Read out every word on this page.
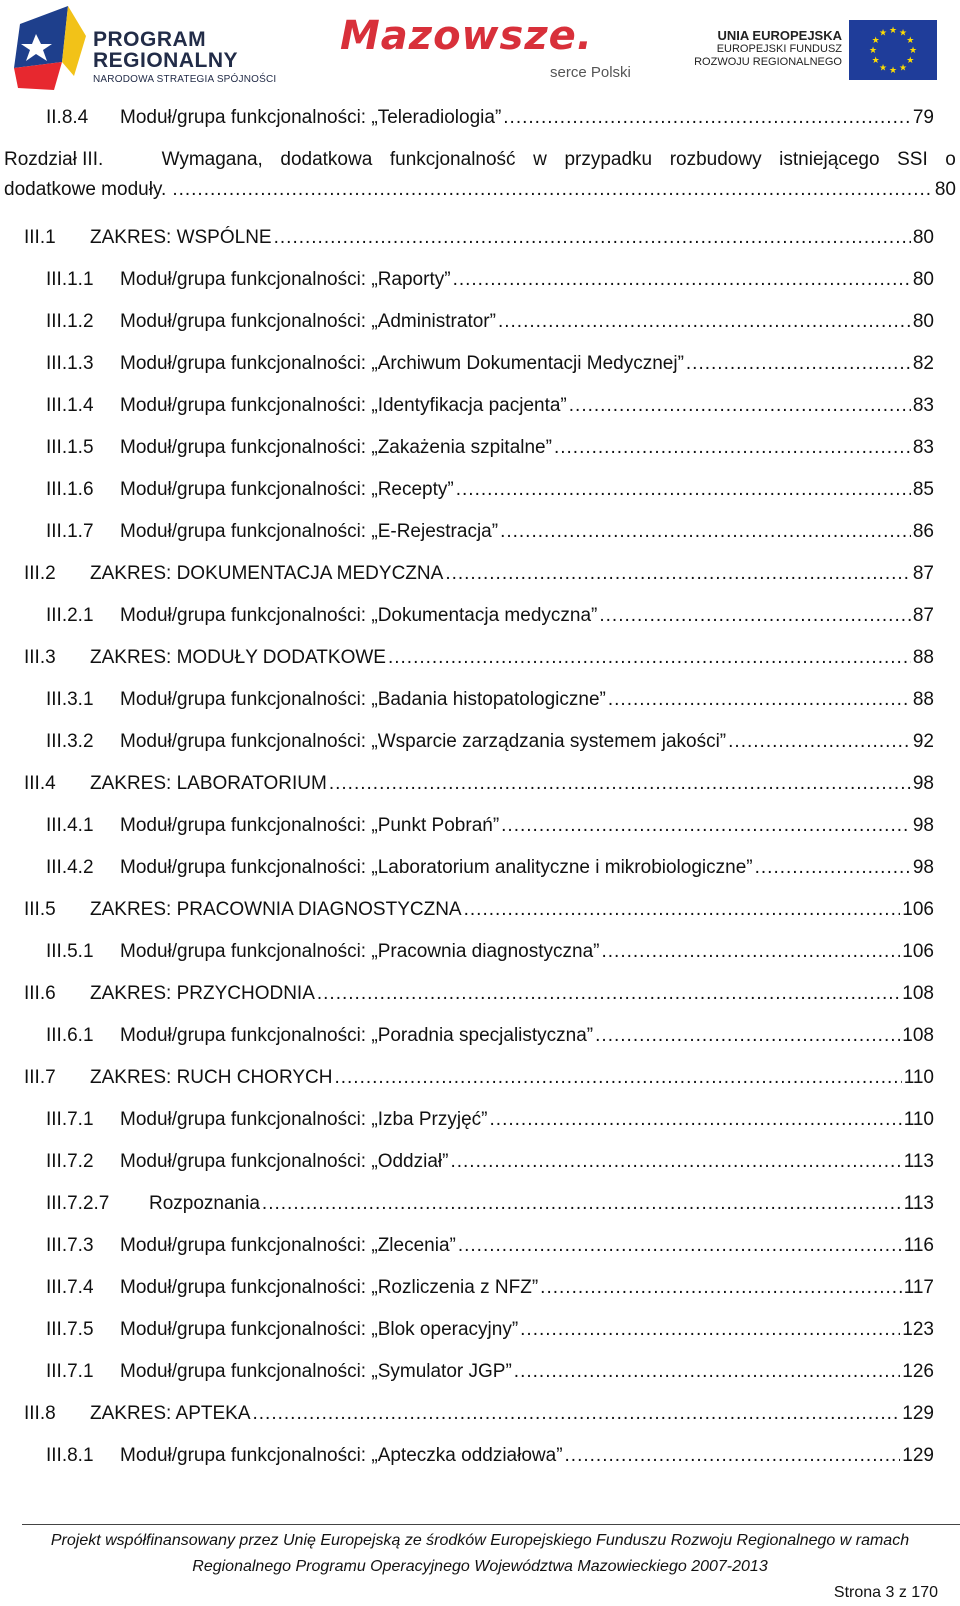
PROGRAM
REGIONALNY
NARODOWA STRATEGIA SPÓJNOŚCI
Mazowsze.
serce Polski
UNIA EUROPEJSKA
EUROPEJSKI FUNDUSZ
ROZWOJU REGIONALNEGO
★
★
★
★
★
★
★
★
★ ★ ★
★
II.8.4	Moduł/grupa funkcjonalności: „Teleradiologia” .....	79
Rozdział III.	Wymagana, dodatkowa funkcjonalność w przypadku rozbudowy istniejącego SSI o
dodatkowe moduły. .....	80
III.1	ZAKRES: WSPÓLNE .....	80
III.1.1	Moduł/grupa funkcjonalności: „Raporty” .....	80
III.1.2	Moduł/grupa funkcjonalności: „Administrator” .....	80
III.1.3	Moduł/grupa funkcjonalności: „Archiwum Dokumentacji Medycznej” .....	82
III.1.4	Moduł/grupa funkcjonalności: „Identyfikacja pacjenta” .....	83
III.1.5	Moduł/grupa funkcjonalności: „Zakażenia szpitalne” .....	83
III.1.6	Moduł/grupa funkcjonalności: „Recepty” .....	85
III.1.7	Moduł/grupa funkcjonalności: „E-Rejestracja” .....	86
III.2	ZAKRES: DOKUMENTACJA MEDYCZNA .....	87
III.2.1	Moduł/grupa funkcjonalności: „Dokumentacja medyczna” .....	87
III.3	ZAKRES: MODUŁY DODATKOWE .....	88
III.3.1	Moduł/grupa funkcjonalności: „Badania histopatologiczne” .....	88
III.3.2	Moduł/grupa funkcjonalności: „Wsparcie zarządzania systemem jakości” .....	92
III.4	ZAKRES: LABORATORIUM .....	98
III.4.1	Moduł/grupa funkcjonalności: „Punkt Pobrań” .....	98
III.4.2	Moduł/grupa funkcjonalności: „Laboratorium analityczne i mikrobiologiczne” .....	98
III.5	ZAKRES: PRACOWNIA DIAGNOSTYCZNA .....	106
III.5.1	Moduł/grupa funkcjonalności: „Pracownia diagnostyczna” .....	106
III.6	ZAKRES: PRZYCHODNIA .....	108
III.6.1	Moduł/grupa funkcjonalności: „Poradnia specjalistyczna” .....	108
III.7	ZAKRES: RUCH CHORYCH .....	110
III.7.1	Moduł/grupa funkcjonalności: „Izba Przyjęć” .....	110
III.7.2	Moduł/grupa funkcjonalności: „Oddział” .....	113
III.7.2.7	Rozpoznania .....	113
III.7.3	Moduł/grupa funkcjonalności: „Zlecenia” .....	116
III.7.4	Moduł/grupa funkcjonalności: „Rozliczenia z NFZ” .....	117
III.7.5	Moduł/grupa funkcjonalności: „Blok operacyjny” .....	123
III.7.1	Moduł/grupa funkcjonalności: „Symulator JGP” .....	126
III.8	ZAKRES: APTEKA .....	129
III.8.1	Moduł/grupa funkcjonalności: „Apteczka oddziałowa” .....	129
Projekt współfinansowany przez Unię Europejską ze środków Europejskiego Funduszu Rozwoju Regionalnego w ramach
Regionalnego Programu Operacyjnego Województwa Mazowieckiego 2007-2013
Strona 3 z 170
